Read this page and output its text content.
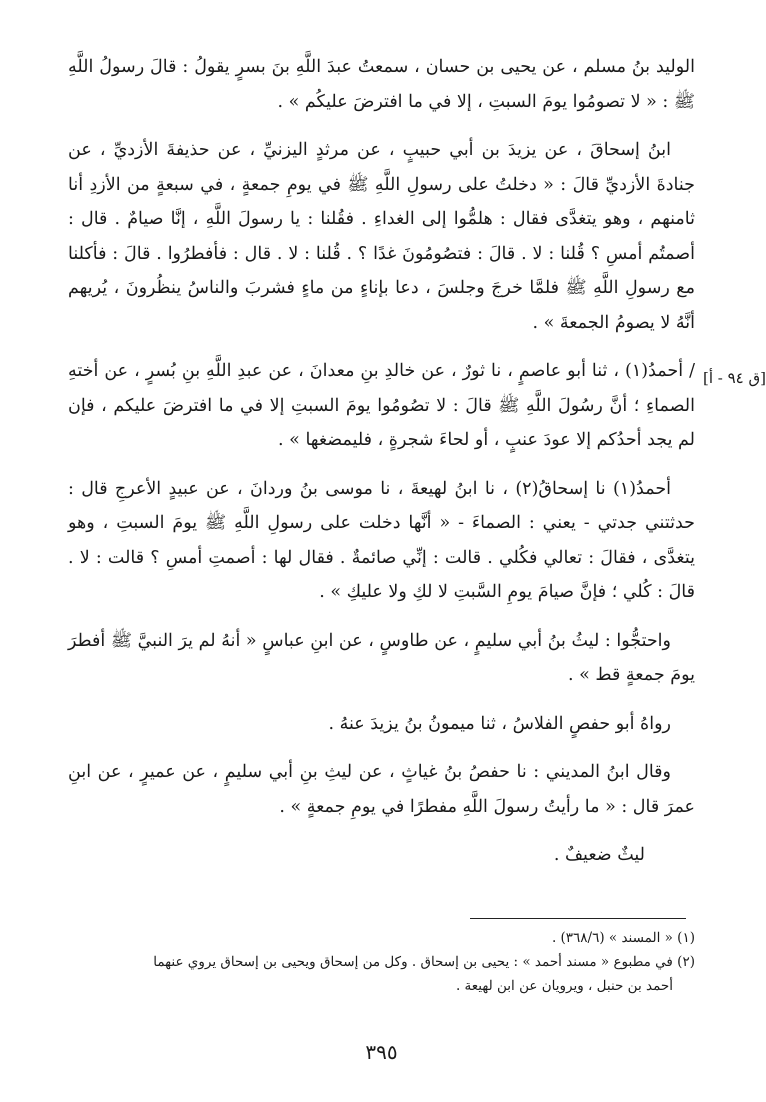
الوليد بنُ مسلم ، عن يحيى بن حسان ، سمعتُ عبدَ اللَّهِ بنَ بسرٍ يقولُ : قالَ رسولُ اللَّهِ ﷺ : « لا تصومُوا يومَ السبتِ ، إلا في ما افترضَ عليكُم » .

ابنُ إسحاقَ ، عن يزيدَ بن أبي حبيبٍ ، عن مرثدٍ اليزنيِّ ، عن حذيفةَ الأزديِّ ، عن جنادةَ الأزديِّ قالَ : « دخلتُ على رسولِ اللَّهِ ﷺ في يومِ جمعةٍ ، في سبعةٍ من الأزدِ أنا ثامنهم ، وهو يتغدَّى فقال : هلمُّوا إلى الغداءِ . فقُلنا : يا رسولَ اللَّهِ ، إنَّا صيامٌ . قال : أصمتُم أمسِ ؟ قُلنا : لا . قالَ : فتصُومُونَ غدًا ؟ . قُلنا : لا . قال : فأفطرُوا . قالَ : فأكلنا مع رسولِ اللَّهِ ﷺ فلمَّا خرجَ وجلسَ ، دعا بإناءٍ من ماءٍ فشربَ والناسُ ينظُرونَ ، يُريهم أنَّهُ لا يصومُ الجمعةَ » .

/ أحمدُ(١) ، ثنا أبو عاصمٍ ، نا ثورٌ ، عن خالدِ بنِ معدانَ ، عن عبدِ اللَّهِ بنِ بُسرٍ ، عن أختهِ الصماءِ ؛ أنَّ رسُولَ اللَّهِ ﷺ قالَ : لا تصُومُوا يومَ السبتِ إلا في ما افترضَ عليكم ، فإن لم يجد أحدُكم إلا عودَ عنبٍ ، أو لحاءَ شجرةٍ ، فليمضغها » .

أحمدُ(١) نا إسحاقُ(٢) ، نا ابنُ لهيعةَ ، نا موسى بنُ وردانَ ، عن عبيدٍ الأعرجِ قال : حدثتني جدتي - يعني : الصماءَ - « أنَّها دخلت على رسولِ اللَّهِ ﷺ يومَ السبتِ ، وهو يتغدَّى ، فقالَ : تعالي فكُلي . قالت : إنِّي صائمةٌ . فقال لها : أصمتِ أمسِ ؟ قالت : لا . قالَ : كُلي ؛ فإنَّ صيامَ يومِ السَّبتِ لا لكِ ولا عليكِ » .

واحتجُّوا : ليثُ بنُ أبي سليمٍ ، عن طاوسٍ ، عن ابنِ عباسٍ « أنهُ لم يرَ النبيَّ ﷺ أفطرَ يومَ جمعةٍ قط » .

رواهُ أبو حفصٍ الفلاسُ ، ثنا ميمونُ بنُ يزيدَ عنهُ .

وقال ابنُ المديني : نا حفصُ بنُ غياثٍ ، عن ليثِ بنِ أبي سليمٍ ، عن عميرٍ ، عن ابنِ عمرَ قال : « ما رأيتُ رسولَ اللَّهِ مفطرًا في يومِ جمعةٍ » .

ليثٌ ضعيفٌ .

[ق ٩٤ - أ]

(١) « المسند » (٣٦٨/٦) .

(٢) في مطبوع « مسند أحمد » : يحيى بن إسحاق . وكل من إسحاق ويحيى بن إسحاق يروي عنهما

أحمد بن حنبل ، ويرويان عن ابن لهيعة .

٣٩٥
